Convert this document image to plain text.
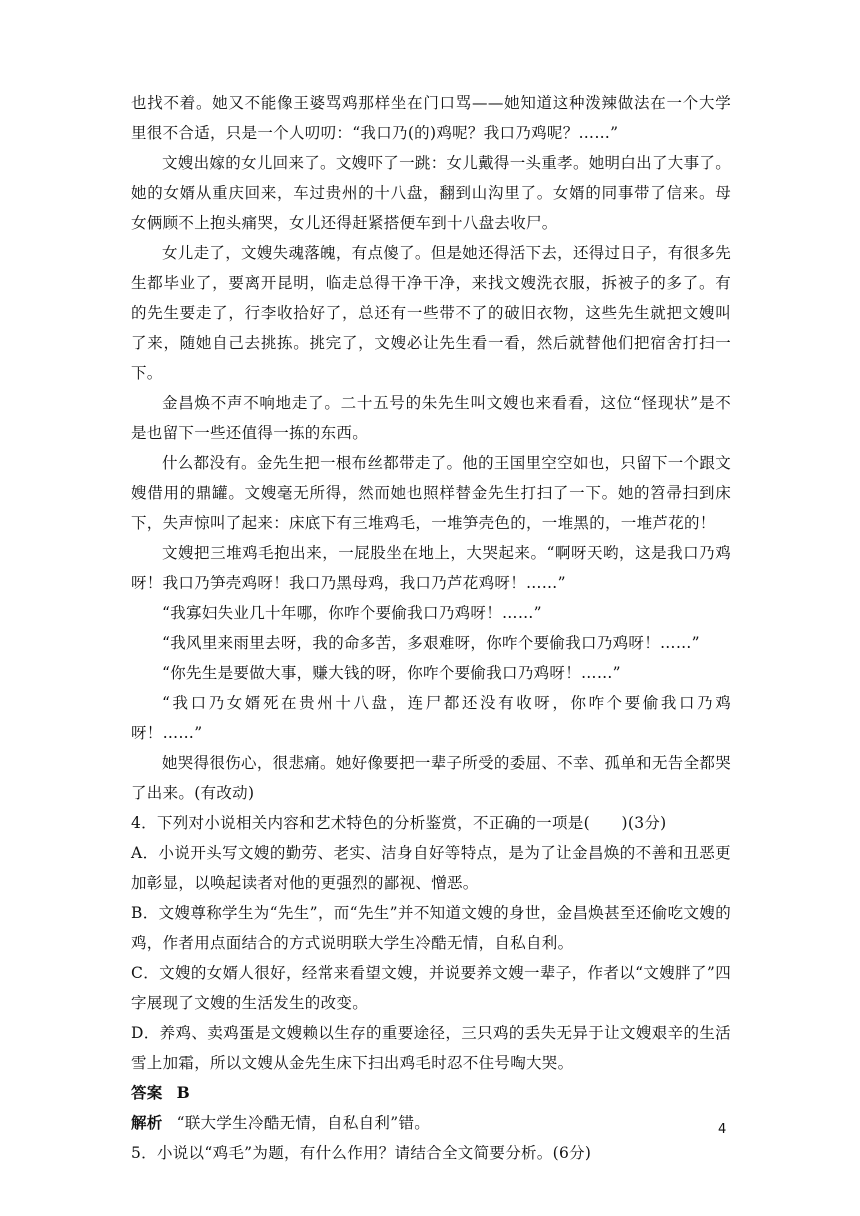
也找不着。她又不能像王婆骂鸡那样坐在门口骂——她知道这种泼辣做法在一个大学里很不合适，只是一个人叨叨：“我口乃(的)鸡呢？我口乃鸡呢？……”

文嫂出嫁的女儿回来了。文嫂吓了一跳：女儿戴得一头重孝。她明白出了大事了。她的女婿从重庆回来，车过贵州的十八盘，翻到山沟里了。女婿的同事带了信来。母女俩顾不上抱头痛哭，女儿还得赶紧搭便车到十八盘去收尸。

女儿走了，文嫂失魂落魄，有点傻了。但是她还得活下去，还得过日子，有很多先生都毕业了，要离开昆明，临走总得干净干净，来找文嫂洗衣服，拆被子的多了。有的先生要走了，行李收拾好了，总还有一些带不了的破旧衣物，这些先生就把文嫂叫了来，随她自己去挑拣。挑完了，文嫂必让先生看一看，然后就替他们把宿舍打扫一下。

金昌焕不声不响地走了。二十五号的朱先生叫文嫂也来看看，这位“怪现状”是不是也留下一些还值得一拣的东西。

什么都没有。金先生把一根布丝都带走了。他的王国里空空如也，只留下一个跟文嫂借用的鼎罐。文嫂毫无所得，然而她也照样替金先生打扫了一下。她的笤帚扫到床下，失声惊叫了起来：床底下有三堆鸡毛，一堆笋壳色的，一堆黑的，一堆芦花的！

文嫂把三堆鸡毛抱出来，一屁股坐在地上，大哭起来。“啊呀天哟，这是我口乃鸡呀！我口乃笋壳鸡呀！我口乃黑母鸡，我口乃芦花鸡呀！……”

“我寡妇失业几十年哪，你咋个要偷我口乃鸡呀！……”

“我风里来雨里去呀，我的命多苦，多艰难呀，你咋个要偷我口乃鸡呀！……”

“你先生是要做大事，赚大钱的呀，你咋个要偷我口乃鸡呀！……”

“我口乃女婿死在贵州十八盘，连尸都还没有收呀，你咋个要偷我口乃鸡呀！……”

她哭得很伤心，很悲痛。她好像要把一辈子所受的委屈、不幸、孤单和无告全都哭了出来。(有改动)

4．下列对小说相关内容和艺术特色的分析鉴赏，不正确的一项是(　　)(3分)

A．小说开头写文嫂的勤劳、老实、洁身自好等特点，是为了让金昌焕的不善和丑恶更加彰显，以唤起读者对他的更强烈的鄙视、憎恶。

B．文嫂尊称学生为“先生”，而“先生”并不知道文嫂的身世，金昌焕甚至还偷吃文嫂的鸡，作者用点面结合的方式说明联大学生冷酷无情，自私自利。

C．文嫂的女婿人很好，经常来看望文嫂，并说要养文嫂一辈子，作者以“文嫂胖了”四字展现了文嫂的生活发生的改变。

D．养鸡、卖鸡蛋是文嫂赖以生存的重要途径，三只鸡的丢失无异于让文嫂艰辛的生活雪上加霜，所以文嫂从金先生床下扫出鸡毛时忍不住号啕大哭。

答案 B

解析 “联大学生冷酷无情，自私自利”错。

5．小说以“鸡毛”为题，有什么作用？请结合全文简要分析。(6分)

4
